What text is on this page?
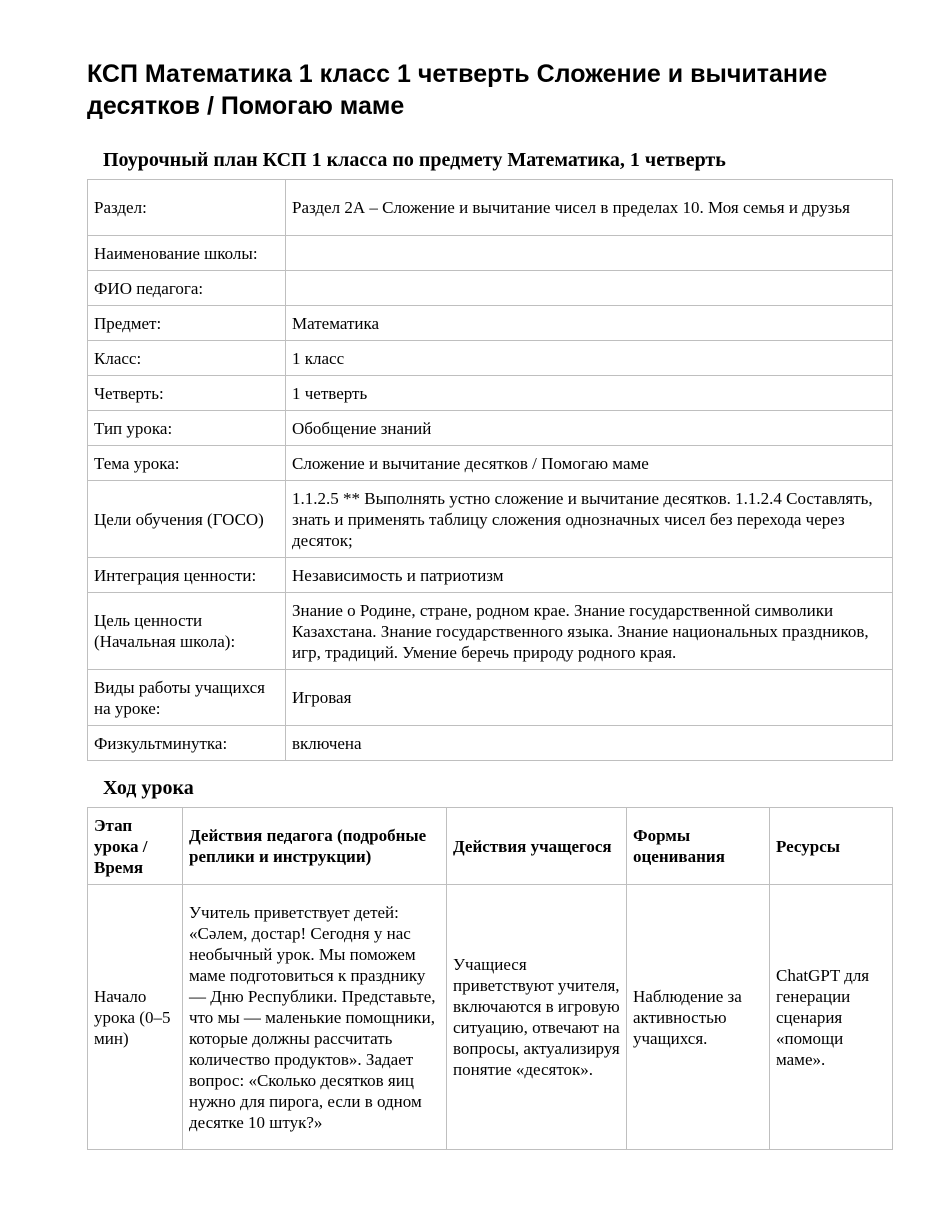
КСП Математика 1 класс 1 четверть Сложение и вычитание десятков / Помогаю маме
Поурочный план КСП 1 класса по предмету Математика, 1 четверть
Раздел:	Раздел 2А – Сложение и вычитание чисел в пределах 10. Моя семья и друзья
Наименование школы:	
ФИО педагога:	
Предмет:	Математика
Класс:	1 класс
Четверть:	1 четверть
Тип урока:	Обобщение знаний
Тема урока:	Сложение и вычитание десятков / Помогаю маме
Цели обучения (ГОСО)	1.1.2.5 ** Выполнять устно сложение и вычитание десятков. 1.1.2.4 Составлять, знать и применять таблицу сложения однозначных чисел без перехода через десяток;
Интеграция ценности:	Независимость и патриотизм
Цель ценности (Начальная школа):	Знание о Родине, стране, родном крае. Знание государственной символики Казахстана. Знание государственного языка. Знание национальных праздников, игр, традиций. Умение беречь природу родного края.
Виды работы учащихся на уроке:	Игровая
Физкультминутка:	включена
Ход урока
Этап урока / Время	Действия педагога (подробные реплики и инструкции)	Действия учащегося	Формы оценивания	Ресурсы
Начало урока (0–5 мин)	Учитель приветствует детей: «Сәлем, достар! Сегодня у нас необычный урок. Мы поможем маме подготовиться к празднику — Дню Республики. Представьте, что мы — маленькие помощники, которые должны рассчитать количество продуктов». Задает вопрос: «Сколько десятков яиц нужно для пирога, если в одном десятке 10 штук?»	Учащиеся приветствуют учителя, включаются в игровую ситуацию, отвечают на вопросы, актуализируя понятие «десяток».	Наблюдение за активностью учащихся.	ChatGPT для генерации сценария «помощи маме».
